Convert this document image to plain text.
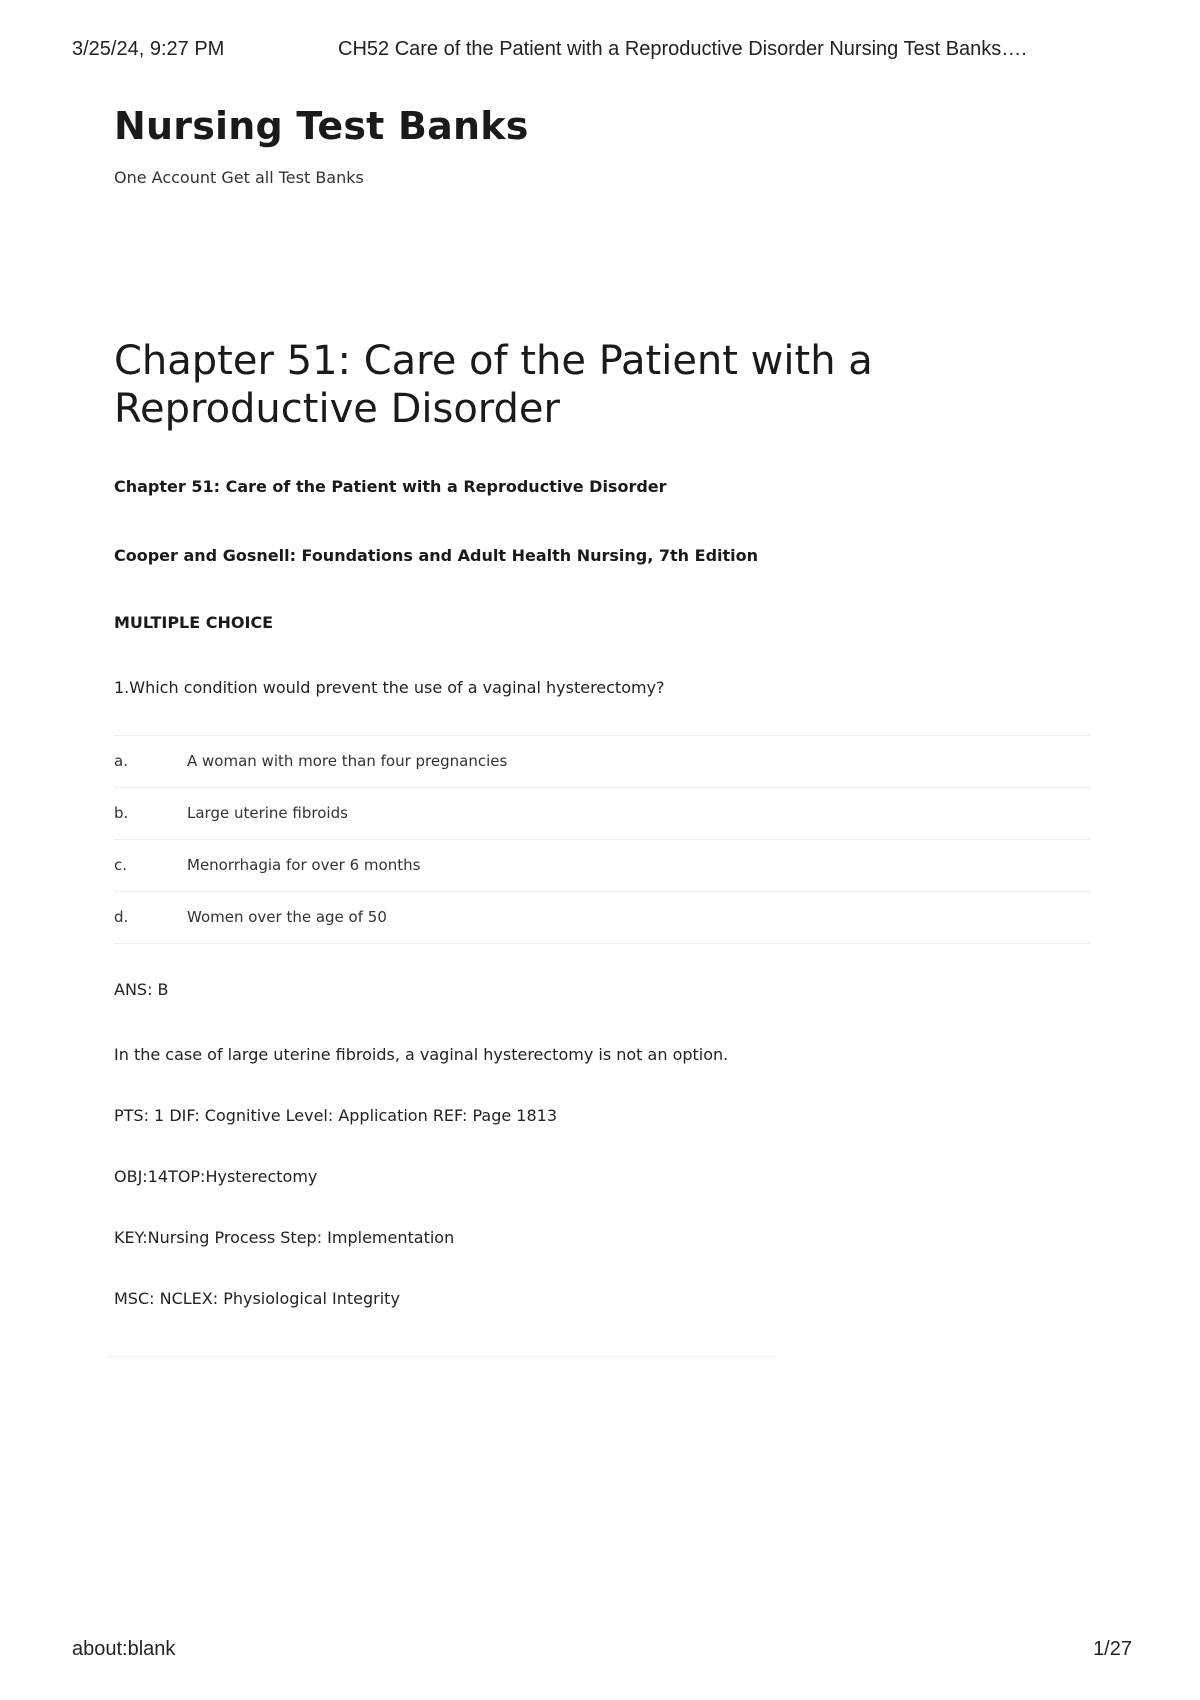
3/25/24, 9:27 PM	CH52 Care of the Patient with a Reproductive Disorder Nursing Test Banks….
Nursing Test Banks
One Account Get all Test Banks
Chapter 51: Care of the Patient with a Reproductive Disorder
Chapter 51: Care of the Patient with a Reproductive Disorder
Cooper and Gosnell: Foundations and Adult Health Nursing, 7th Edition
MULTIPLE CHOICE
1.Which condition would prevent the use of a vaginal hysterectomy?
a.	A woman with more than four pregnancies
b.	Large uterine fibroids
c.	Menorrhagia for over 6 months
d.	Women over the age of 50
ANS: B
In the case of large uterine fibroids, a vaginal hysterectomy is not an option.
PTS: 1 DIF: Cognitive Level: Application REF: Page 1813
OBJ:14TOP:Hysterectomy
KEY:Nursing Process Step: Implementation
MSC: NCLEX: Physiological Integrity
about:blank	1/27
